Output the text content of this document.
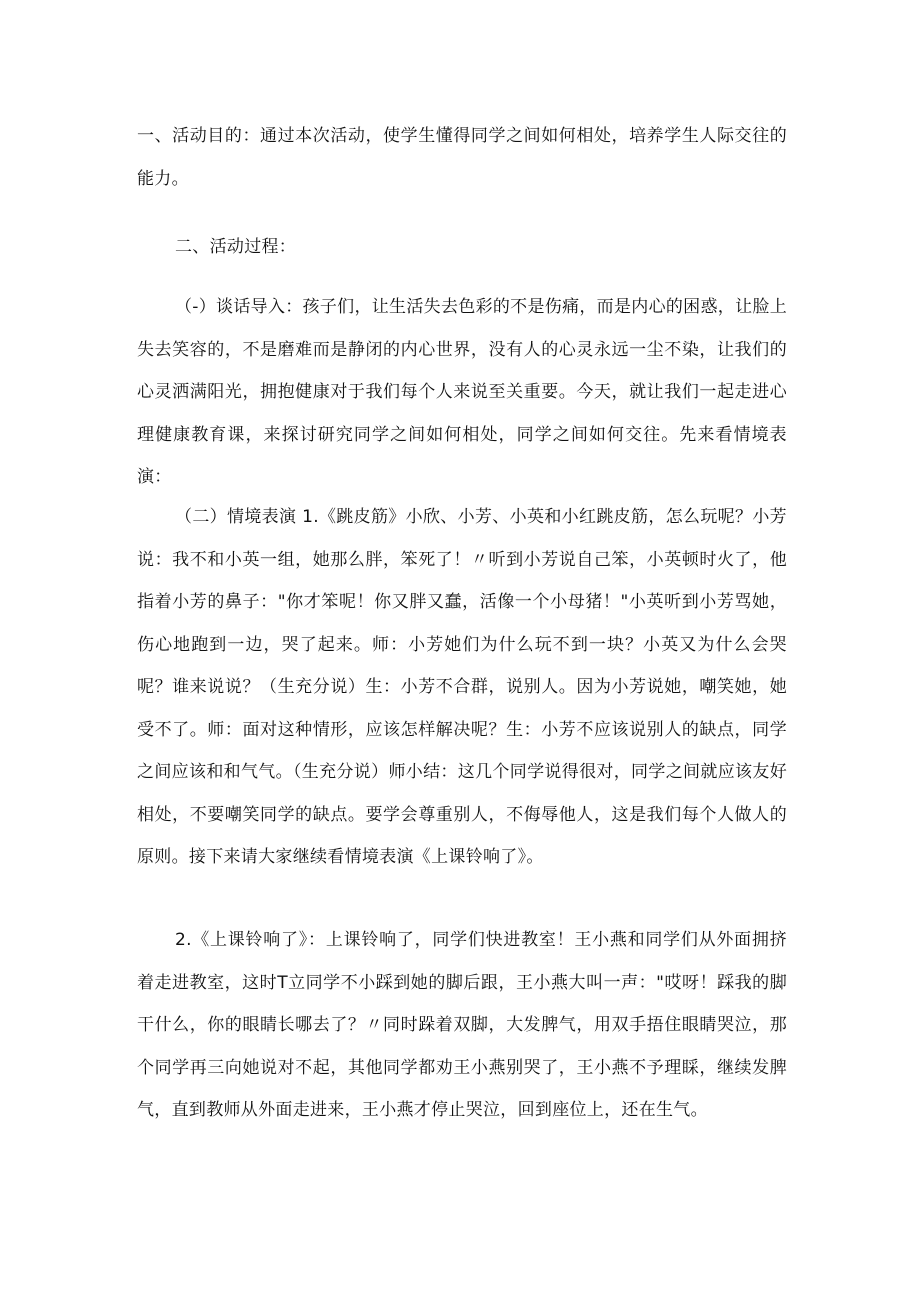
一、活动目的：通过本次活动，使学生懂得同学之间如何相处，培养学生人际交往的能力。

二、活动过程：

（-）谈话导入：孩子们，让生活失去色彩的不是伤痛，而是内心的困惑，让脸上失去笑容的，不是磨难而是静闭的内心世界，没有人的心灵永远一尘不染，让我们的心灵洒满阳光，拥抱健康对于我们每个人来说至关重要。今天，就让我们一起走进心理健康教育课，来探讨研究同学之间如何相处，同学之间如何交往。先来看情境表演：

（二）情境表演 1.《跳皮筋》小欣、小芳、小英和小红跳皮筋，怎么玩呢？小芳说：我不和小英一组，她那么胖，笨死了！〃听到小芳说自己笨，小英顿时火了，他指着小芳的鼻子："你才笨呢！你又胖又蠢，活像一个小母猪！"小英听到小芳骂她，伤心地跑到一边，哭了起来。师：小芳她们为什么玩不到一块？小英又为什么会哭呢？谁来说说？（生充分说）生：小芳不合群，说别人。因为小芳说她，嘲笑她，她受不了。师：面对这种情形，应该怎样解决呢？生：小芳不应该说别人的缺点，同学之间应该和和气气。（生充分说）师小结：这几个同学说得很对，同学之间就应该友好相处，不要嘲笑同学的缺点。要学会尊重别人，不侮辱他人，这是我们每个人做人的原则。接下来请大家继续看情境表演《上课铃响了》。

2.《上课铃响了》：上课铃响了，同学们快进教室！王小燕和同学们从外面拥挤着走进教室，这时T立同学不小踩到她的脚后跟，王小燕大叫一声："哎呀！踩我的脚干什么，你的眼睛长哪去了？〃同时跺着双脚，大发脾气，用双手捂住眼睛哭泣，那个同学再三向她说对不起，其他同学都劝王小燕别哭了，王小燕不予理睬，继续发脾气，直到教师从外面走进来，王小燕才停止哭泣，回到座位上，还在生气。
